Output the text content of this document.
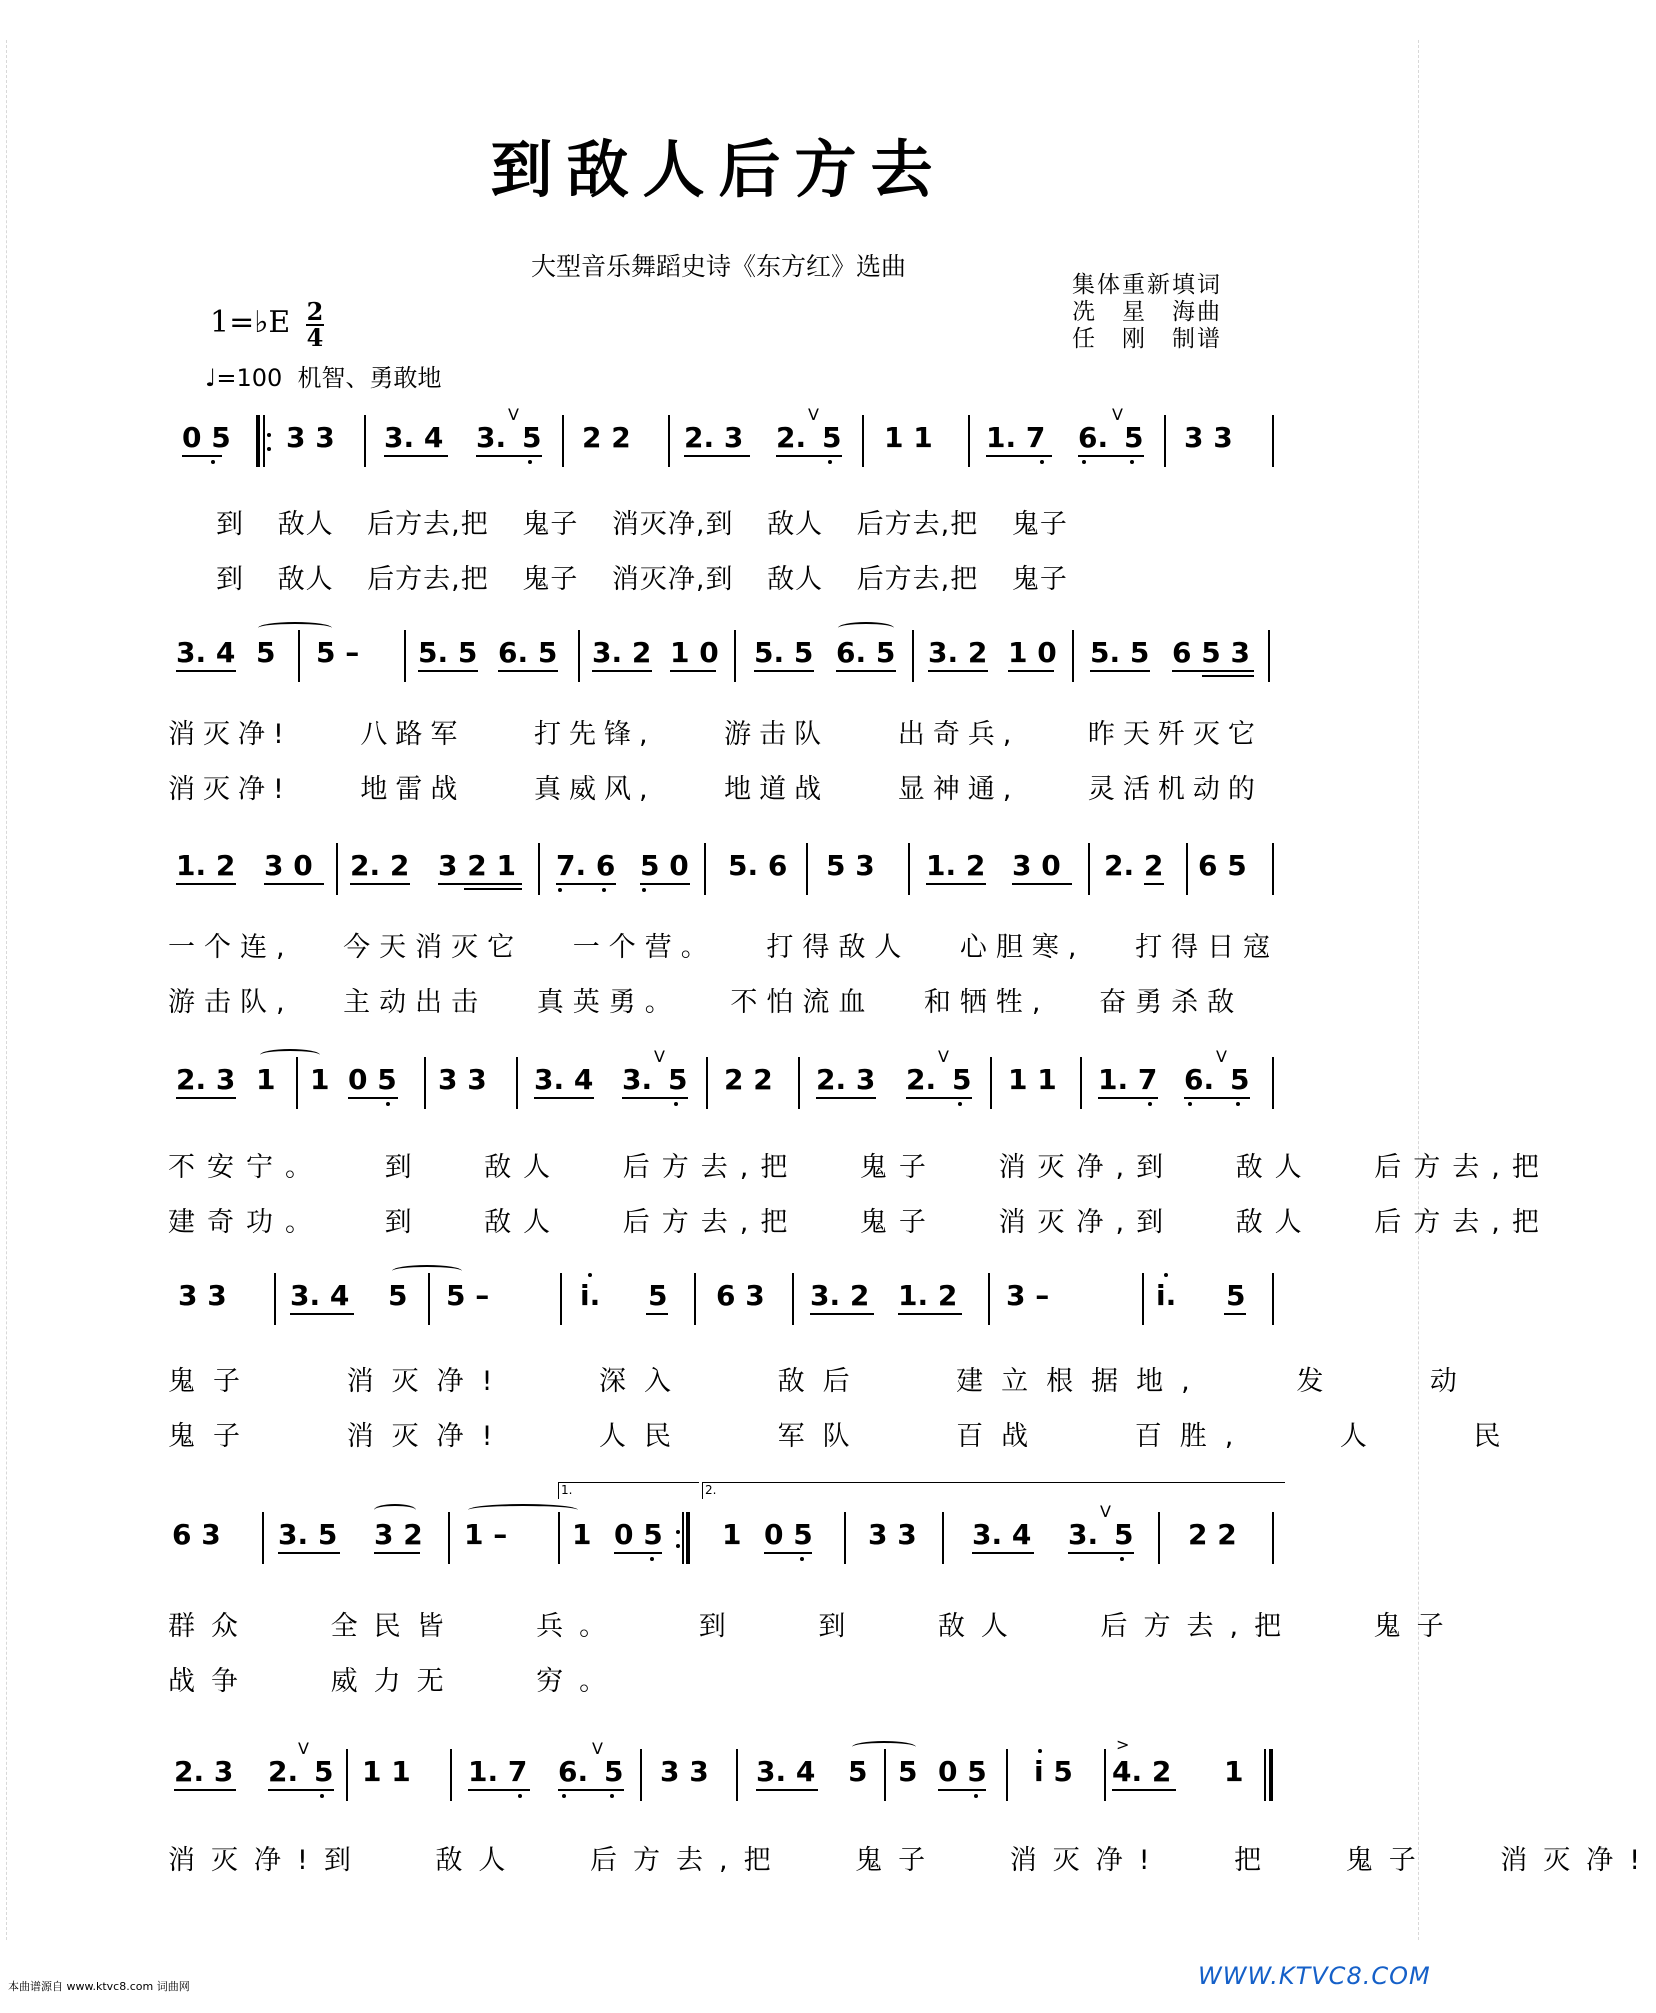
到敌人后方去
大型音乐舞蹈史诗《东方红》选曲
集体重新填词
冼　星　海曲
任　刚　制谱
1=♭E 2
4
♩=100 机智、勇敢地
0 5 3 3 3. 4 3.
V
5 2 2 2. 3 2.
V
5 1 1 1. 7 6.
V
5 3 3
到 敌人 后方去,把 鬼子 消灭净,到 敌人 后方去,把 鬼子
到 敌人 后方去,把 鬼子 消灭净,到 敌人 后方去,把 鬼子
3. 4 5 5 – 5. 5 6. 5 3. 2 1 0 5. 5 6. 5 3. 2 1 0 5. 5 6 5 3
消灭净! 八路军 打先锋, 游击队 出奇兵, 昨天歼灭它
消灭净! 地雷战 真威风, 地道战 显神通, 灵活机动的
1. 2 3 0 2. 2 3 2 1 7. 6 5 0 5. 6 5 3 1. 2 3 0 2. 2 6 5
一个连, 今天消灭它 一个营。 打得敌人 心胆寒, 打得日寇
游击队, 主动出击 真英勇。 不怕流血 和牺牲, 奋勇杀敌
2. 3 1 1 0 5 3 3 3. 4 3.
V
5 2 2 2. 3 2.
V
5 1 1 1. 7 6.
V
5
不安宁。 到 敌人 后方去,把 鬼子 消灭净,到 敌人 后方去,把
建奇功。 到 敌人 后方去,把 鬼子 消灭净,到 敌人 后方去,把
3 3 3. 4 5 5 –	i. 5 6 3 3. 2 1. 2 3 –	i. 5
鬼子 消灭净! 深入 敌后 建立根据地, 发 动
鬼子 消灭净! 人民 军队 百战 百胜, 人 民
1.	2.
6 3 3. 5 3 2 1 – 1 0 5 1 0 5 3 3 3. 4 3.
V
5 2 2
群众 全民皆 兵。 到 到 敌人 后方去,把 鬼子
战争 威力无 穷。
2. 3 2.
V
5 1 1 1. 7 6.
V
5 3 3 3. 4 5 5 0 5 i 5
>
4. 2 1
消灭净!到 敌人 后方去,把 鬼子 消灭净! 把 鬼子 消灭净!
本曲谱源自 www.ktvc8.com 词曲网	WWW.KTVC8.COM
